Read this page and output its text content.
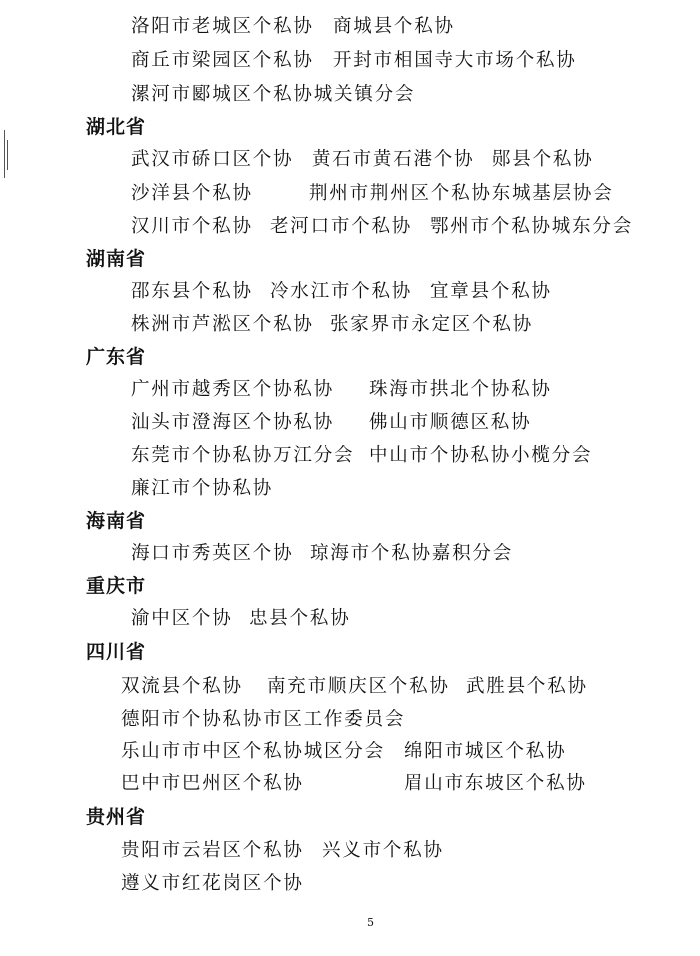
洛阳市老城区个私协 商城县个私协
商丘市梁园区个私协 开封市相国寺大市场个私协
漯河市郾城区个私协城关镇分会
湖北省
武汉市硚口区个协 黄石市黄石港个协 郧县个私协
沙洋县个私协	荆州市荆州区个私协东城基层协会
汉川市个私协 老河口市个私协 鄂州市个私协城东分会
湖南省
邵东县个私协 冷水江市个私协 宜章县个私协
株洲市芦淞区个私协 张家界市永定区个私协
广东省
广州市越秀区个协私协 珠海市拱北个协私协
汕头市澄海区个协私协 佛山市顺德区私协
东莞市个协私协万江分会 中山市个协私协小榄分会
廉江市个协私协
海南省
海口市秀英区个协 琼海市个私协嘉积分会
重庆市
渝中区个协 忠县个私协
四川省
双流县个私协 南充市顺庆区个私协 武胜县个私协
德阳市个协私协市区工作委员会
乐山市市中区个私协城区分会 绵阳市城区个私协
巴中市巴州区个私协	眉山市东坡区个私协
贵州省
贵阳市云岩区个私协 兴义市个私协
遵义市红花岗区个协
5
